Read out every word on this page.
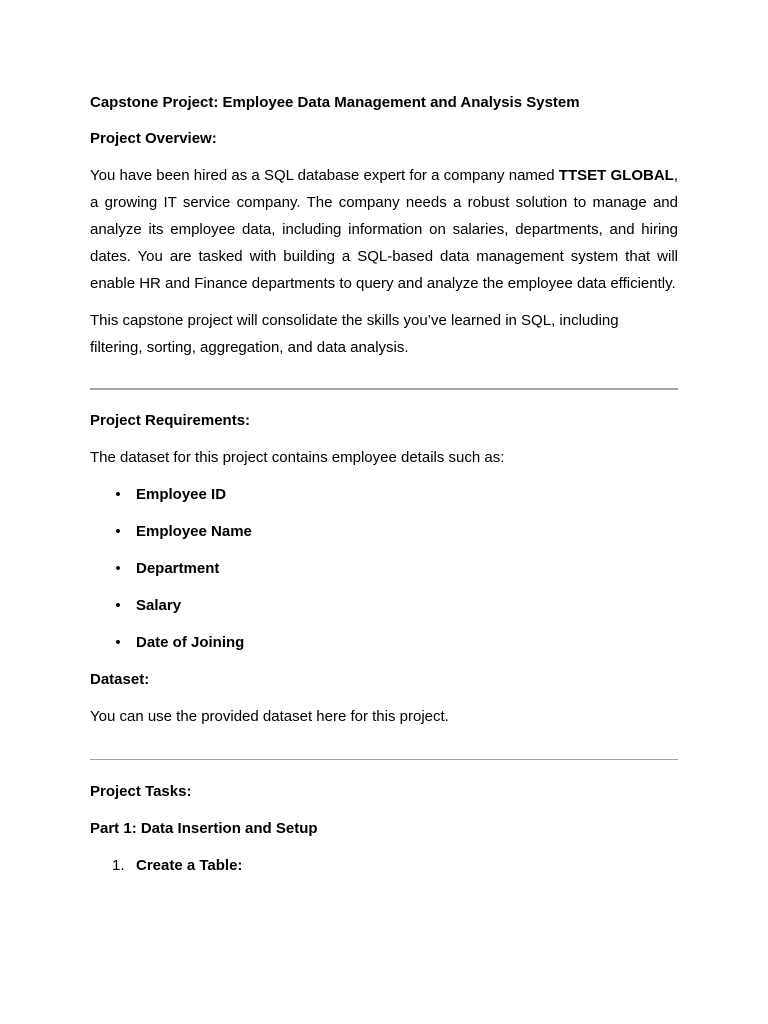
Capstone Project: Employee Data Management and Analysis System
Project Overview:

You have been hired as a SQL database expert for a company named TTSET GLOBAL, a growing IT service company. The company needs a robust solution to manage and analyze its employee data, including information on salaries, departments, and hiring dates. You are tasked with building a SQL-based data management system that will enable HR and Finance departments to query and analyze the employee data efficiently.

This capstone project will consolidate the skills you’ve learned in SQL, including
filtering, sorting, aggregation, and data analysis.
Project Requirements:
The dataset for this project contains employee details such as:
• Employee ID
• Employee Name
• Department
• Salary
• Date of Joining
Dataset:
You can use the provided dataset here for this project.
Project Tasks:
Part 1: Data Insertion and Setup
1. Create a Table:
